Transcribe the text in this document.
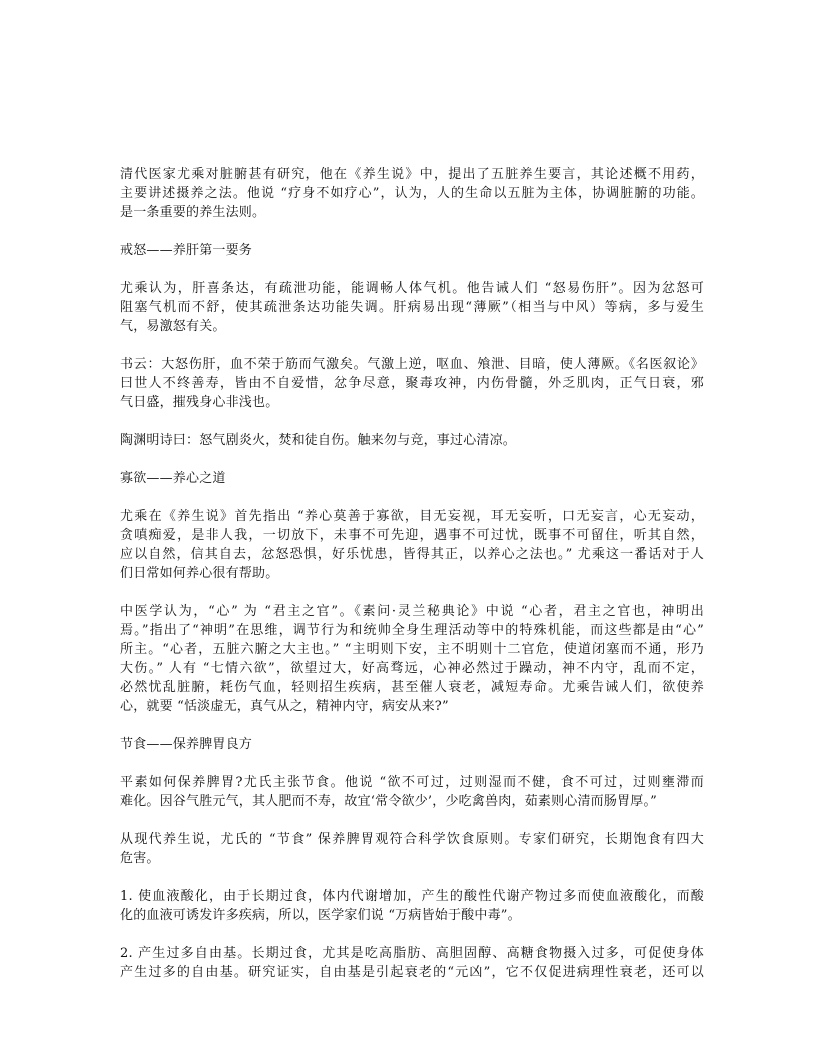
清代医家尤乘对脏腑甚有研究，他在《养生说》中，提出了五脏养生要言，其论述概不用药，
主要讲述摄养之法。他说 “疗身不如疗心”，认为，人的生命以五脏为主体，协调脏腑的功能。
是一条重要的养生法则。
戒怒——养肝第一要务
尤乘认为，肝喜条达，有疏泄功能，能调畅人体气机。他告诫人们 “怒易伤肝”。因为忿怒可
阻塞气机而不舒，使其疏泄条达功能失调。肝病易出现“薄厥”（相当与中风）等病，多与爱生
气，易激怒有关。
书云：大怒伤肝，血不荣于筋而气激矣。气激上逆，呕血、飧泄、目暗，使人薄厥。《名医叙论》
曰世人不终善寿，皆由不自爱惜，忿争尽意，聚毒攻神，内伤骨髓，外乏肌肉，正气日衰，邪
气日盛，摧残身心非浅也。
陶渊明诗曰：怒气剧炎火，焚和徒自伤。触来勿与竞，事过心清凉。
寡欲——养心之道
尤乘在《养生说》首先指出 “养心莫善于寡欲，目无妄视，耳无妄听，口无妄言，心无妄动，
贪嗔痴爱，是非人我，一切放下，未事不可先迎，遇事不可过忧，既事不可留住，听其自然，
应以自然，信其自去，忿怒恐惧，好乐忧患，皆得其正，以养心之法也。” 尤乘这一番话对于人
们日常如何养心很有帮助。
中医学认为，“心” 为 “君主之官”。《素问·灵兰秘典论》中说 “心者，君主之官也，神明出
焉。”指出了“神明”在思维，调节行为和统帅全身生理活动等中的特殊机能，而这些都是由“心”
所主。“心者，五脏六腑之大主也。” “主明则下安，主不明则十二官危，使道闭塞而不通，形乃
大伤。” 人有 “七情六欲”，欲望过大，好高骛远，心神必然过于躁动，神不内守，乱而不定，
必然忧乱脏腑，耗伤气血，轻则招生疾病，甚至催人衰老，减短寿命。尤乘告诫人们，欲使养
心，就要 “恬淡虚无，真气从之，精神内守，病安从来?”
节食——保养脾胃良方
平素如何保养脾胃?尤氏主张节食。他说 “欲不可过，过则湿而不健，食不可过，过则壅滞而
难化。因谷气胜元气，其人肥而不寿，故宜‘常令欲少’，少吃禽兽肉，茹素则心清而肠胃厚。”
从现代养生说，尤氏的 “节食” 保养脾胃观符合科学饮食原则。专家们研究，长期饱食有四大
危害。
1. 使血液酸化，由于长期过食，体内代谢增加，产生的酸性代谢产物过多而使血液酸化，而酸
化的血液可诱发许多疾病，所以，医学家们说 “万病皆始于酸中毒”。
2. 产生过多自由基。长期过食，尤其是吃高脂肪、高胆固醇、高糖食物摄入过多，可促使身体
产生过多的自由基。研究证实，自由基是引起衰老的“元凶”，它不仅促进病理性衰老，还可以
